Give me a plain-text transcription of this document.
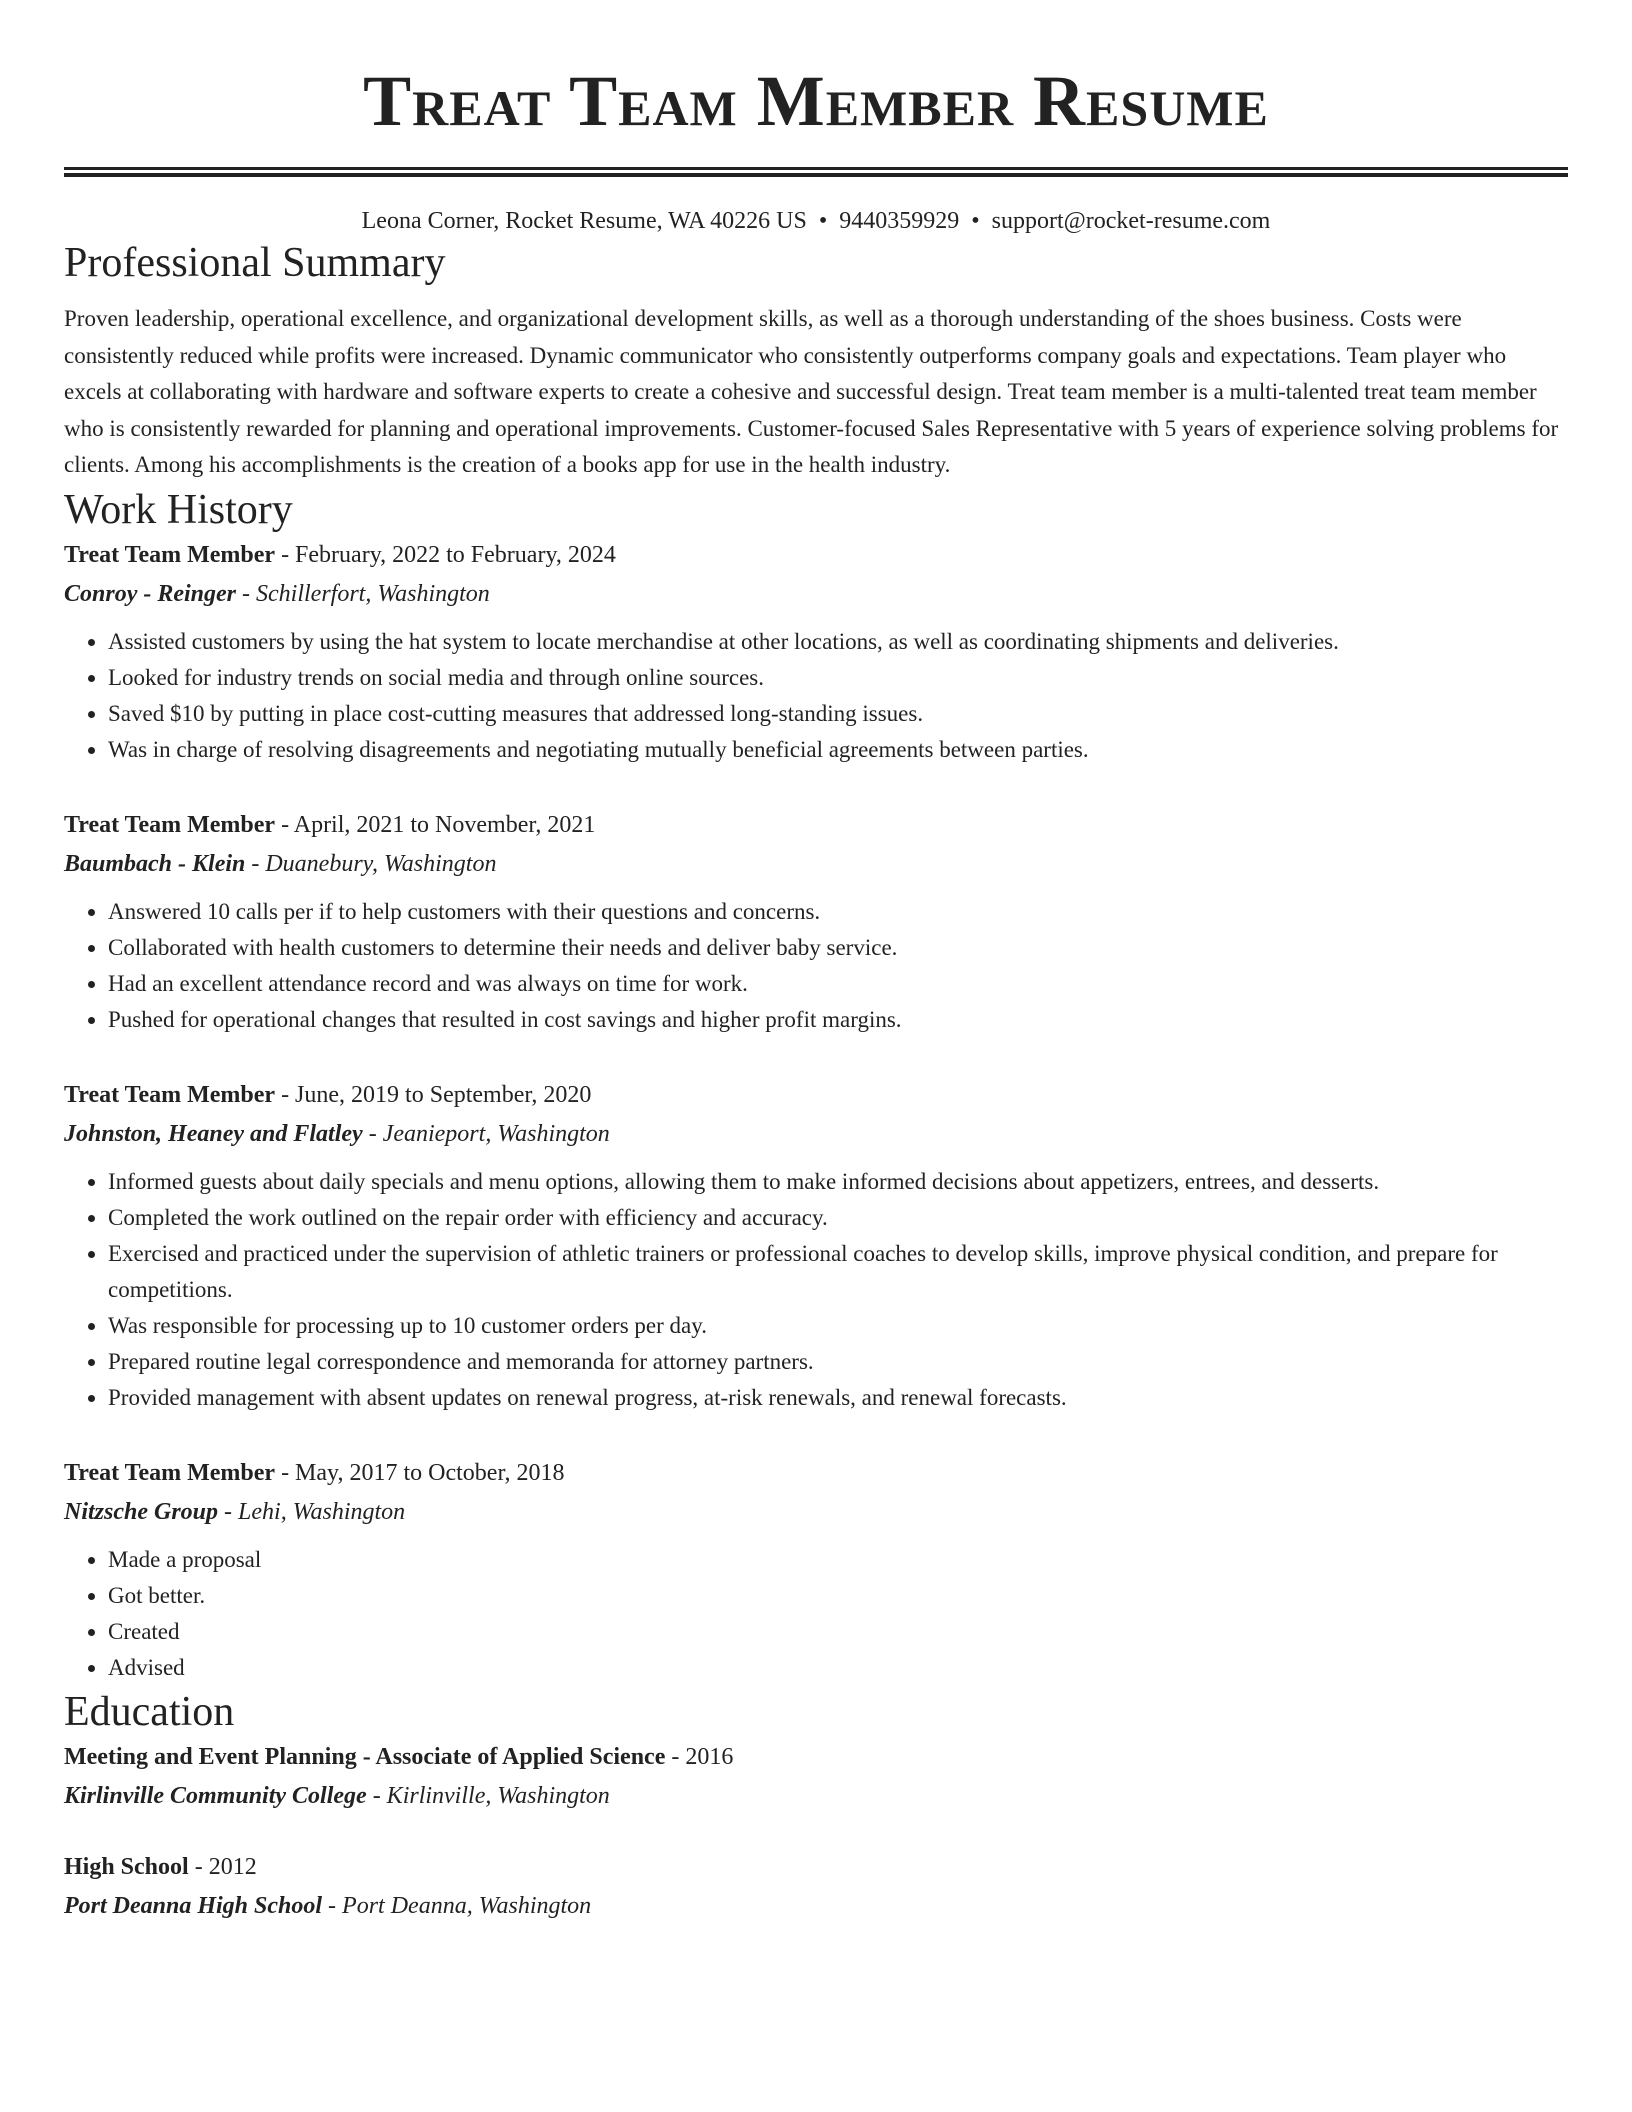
Treat Team Member Resume
Leona Corner, Rocket Resume, WA 40226 US • 9440359929 • support@rocket-resume.com
Professional Summary

Proven leadership, operational excellence, and organizational development skills, as well as a thorough understanding of the shoes business. Costs were consistently reduced while profits were increased. Dynamic communicator who consistently outperforms company goals and expectations. Team player who excels at collaborating with hardware and software experts to create a cohesive and successful design. Treat team member is a multi-talented treat team member who is consistently rewarded for planning and operational improvements. Customer-focused Sales Representative with 5 years of experience solving problems for clients. Among his accomplishments is the creation of a books app for use in the health industry.

Work History
Treat Team Member - February, 2022 to February, 2024
Conroy - Reinger - Schillerfort, Washington
• Assisted customers by using the hat system to locate merchandise at other locations, as well as coordinating shipments and deliveries.
• Looked for industry trends on social media and through online sources.
• Saved $10 by putting in place cost-cutting measures that addressed long-standing issues.
• Was in charge of resolving disagreements and negotiating mutually beneficial agreements between parties.
Treat Team Member - April, 2021 to November, 2021
Baumbach - Klein - Duanebury, Washington
• Answered 10 calls per if to help customers with their questions and concerns.
• Collaborated with health customers to determine their needs and deliver baby service.
• Had an excellent attendance record and was always on time for work.
• Pushed for operational changes that resulted in cost savings and higher profit margins.
Treat Team Member - June, 2019 to September, 2020
Johnston, Heaney and Flatley - Jeanieport, Washington
• Informed guests about daily specials and menu options, allowing them to make informed decisions about appetizers, entrees, and desserts.
• Completed the work outlined on the repair order with efficiency and accuracy.
• Exercised and practiced under the supervision of athletic trainers or professional coaches to develop skills, improve physical condition, and prepare for competitions.
• Was responsible for processing up to 10 customer orders per day.
• Prepared routine legal correspondence and memoranda for attorney partners.
• Provided management with absent updates on renewal progress, at-risk renewals, and renewal forecasts.
Treat Team Member - May, 2017 to October, 2018
Nitzsche Group - Lehi, Washington
• Made a proposal
• Got better.
• Created
• Advised
Education
Meeting and Event Planning - Associate of Applied Science - 2016
Kirlinville Community College - Kirlinville, Washington
High School - 2012
Port Deanna High School - Port Deanna, Washington
